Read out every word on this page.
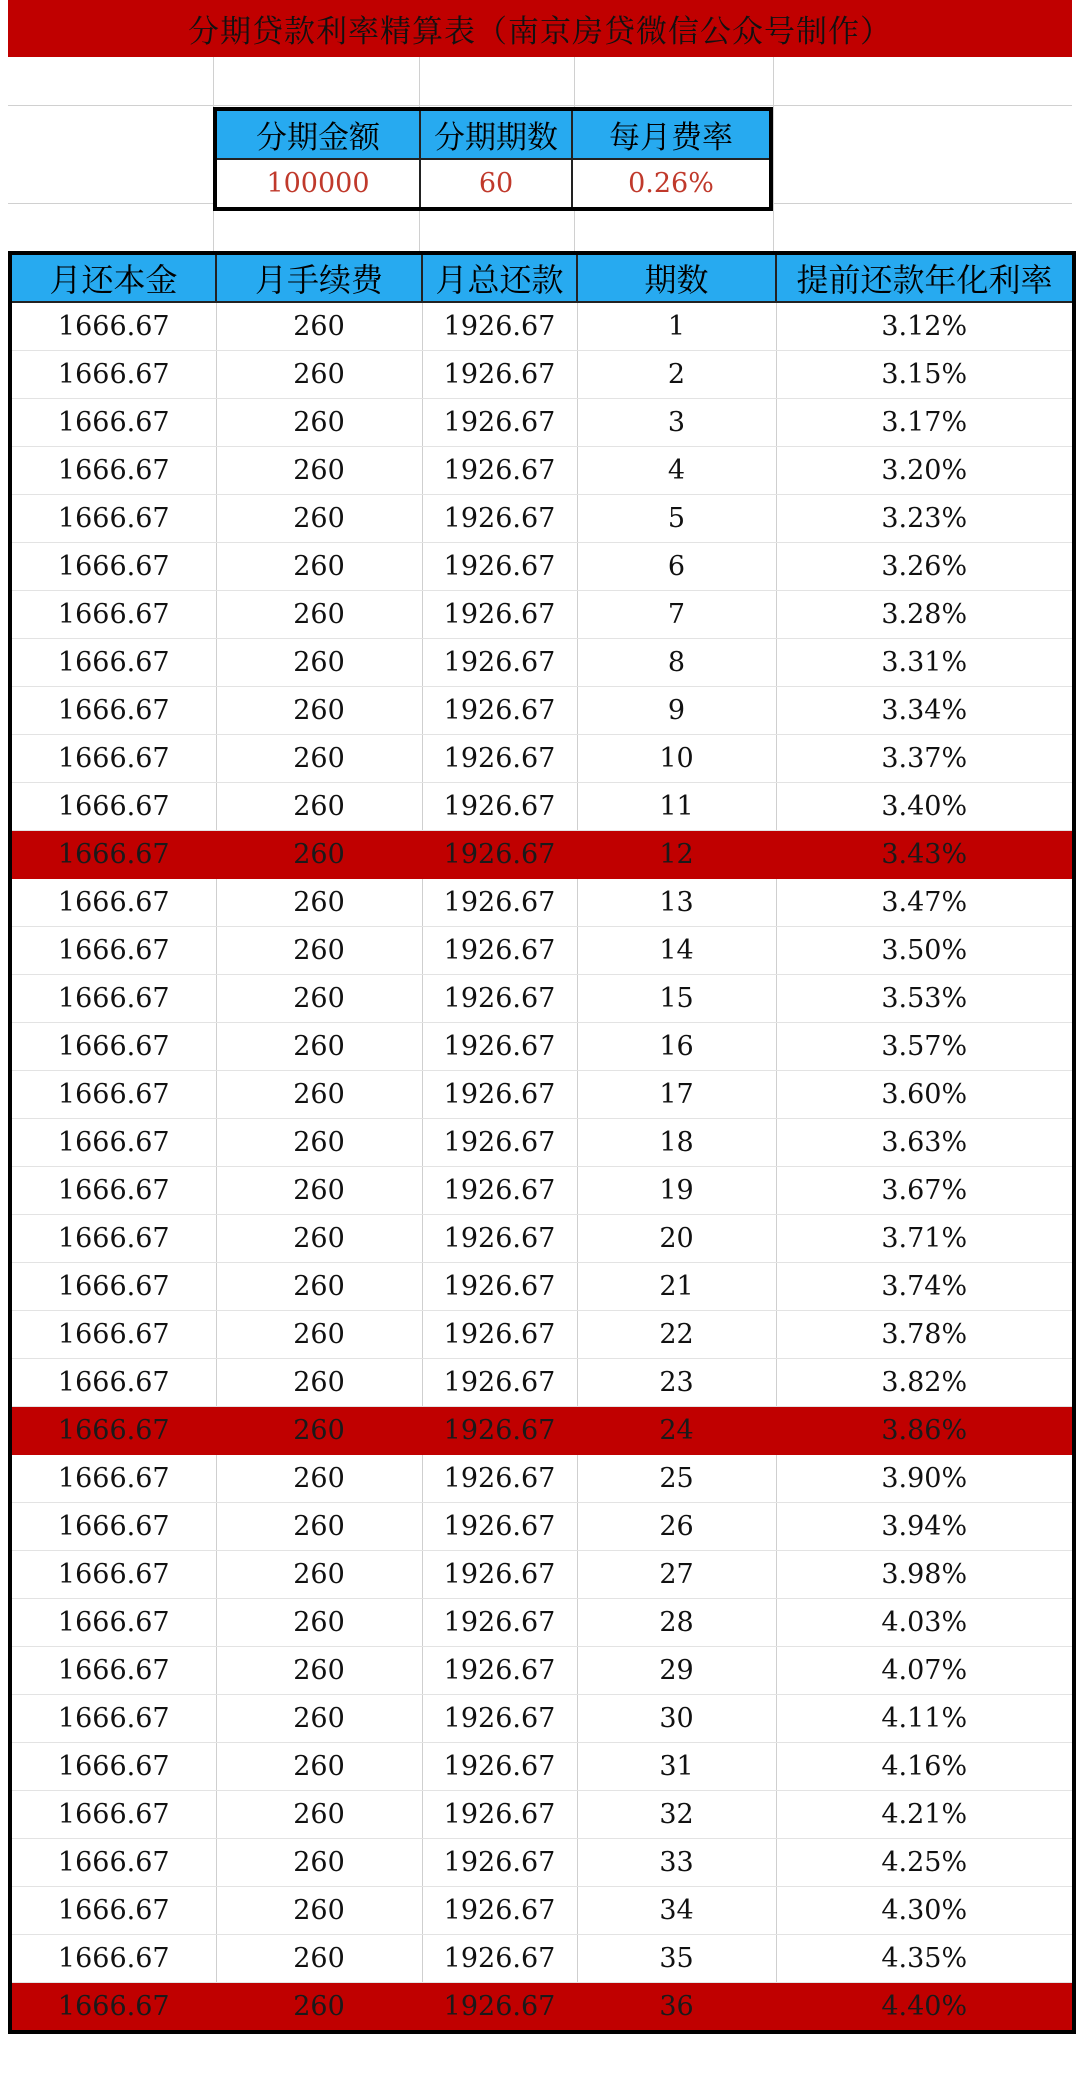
分期贷款利率精算表（南京房贷微信公众号制作）
分期金额	分期期数	每月费率
100000	60	0.26%
月还本金	月手续费	月总还款	期数	提前还款年化利率
1666.67	260	1926.67	1	3.12%
1666.67	260	1926.67	2	3.15%
1666.67	260	1926.67	3	3.17%
1666.67	260	1926.67	4	3.20%
1666.67	260	1926.67	5	3.23%
1666.67	260	1926.67	6	3.26%
1666.67	260	1926.67	7	3.28%
1666.67	260	1926.67	8	3.31%
1666.67	260	1926.67	9	3.34%
1666.67	260	1926.67	10	3.37%
1666.67	260	1926.67	11	3.40%
1666.67	260	1926.67	12	3.43%
1666.67	260	1926.67	13	3.47%
1666.67	260	1926.67	14	3.50%
1666.67	260	1926.67	15	3.53%
1666.67	260	1926.67	16	3.57%
1666.67	260	1926.67	17	3.60%
1666.67	260	1926.67	18	3.63%
1666.67	260	1926.67	19	3.67%
1666.67	260	1926.67	20	3.71%
1666.67	260	1926.67	21	3.74%
1666.67	260	1926.67	22	3.78%
1666.67	260	1926.67	23	3.82%
1666.67	260	1926.67	24	3.86%
1666.67	260	1926.67	25	3.90%
1666.67	260	1926.67	26	3.94%
1666.67	260	1926.67	27	3.98%
1666.67	260	1926.67	28	4.03%
1666.67	260	1926.67	29	4.07%
1666.67	260	1926.67	30	4.11%
1666.67	260	1926.67	31	4.16%
1666.67	260	1926.67	32	4.21%
1666.67	260	1926.67	33	4.25%
1666.67	260	1926.67	34	4.30%
1666.67	260	1926.67	35	4.35%
1666.67	260	1926.67	36	4.40%
